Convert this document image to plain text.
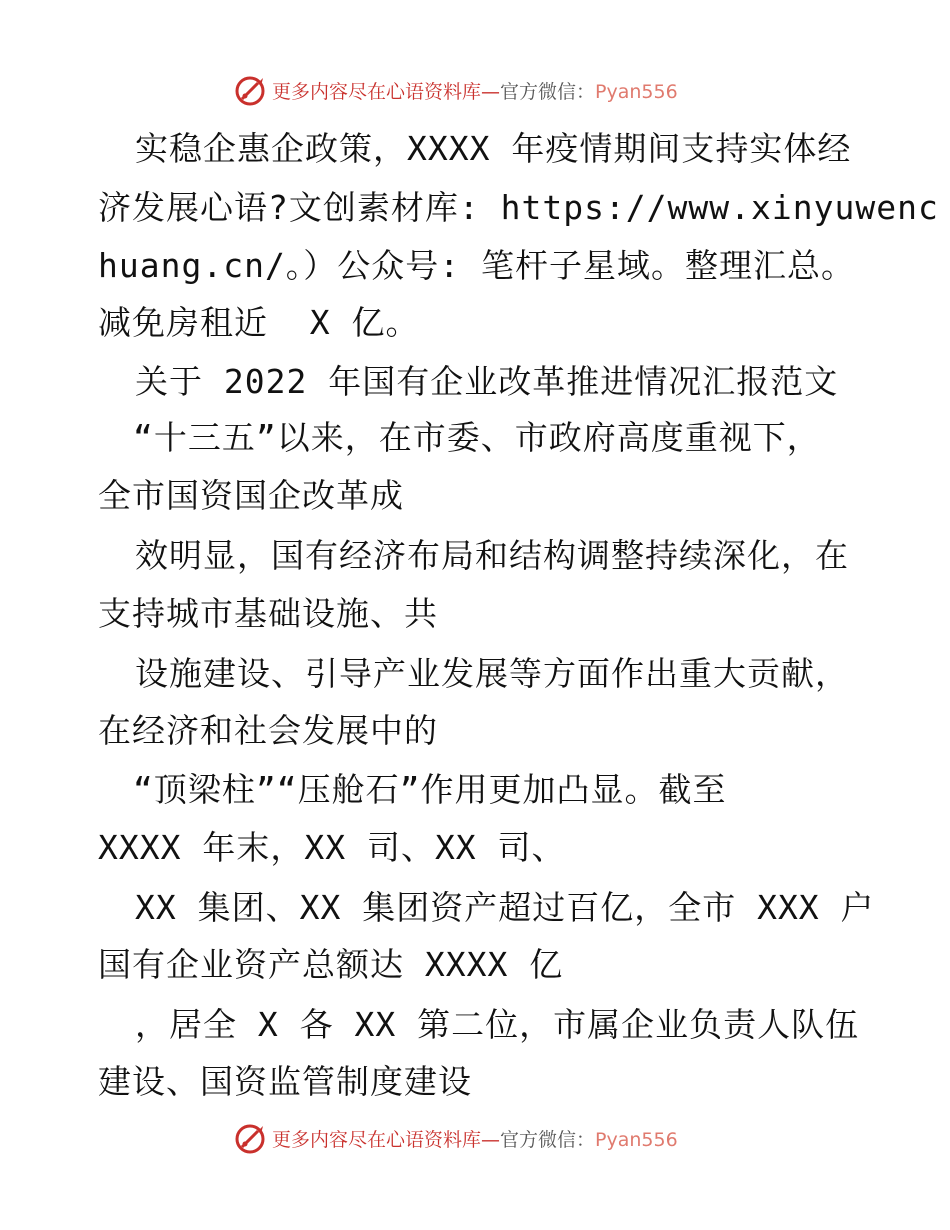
更多内容尽在心语资料库—官方微信：Pyan556
实稳企惠企政策，XXXX 年疫情期间支持实体经
济发展心语?文创素材库: https://www.xinyuwenc
huang.cn/。）公众号: 笔杆子星域。整理汇总。
减免房租近  X 亿。
关于 2022 年国有企业改革推进情况汇报范文
“十三五”以来，在市委、市政府高度重视下，
全市国资国企改革成
效明显，国有经济布局和结构调整持续深化，在
支持城市基础设施、共
设施建设、引导产业发展等方面作出重大贡献，
在经济和社会发展中的
“顶梁柱”“压舱石”作用更加凸显。截至
XXXX 年末，XX 司、XX 司、
XX 集团、XX 集团资产超过百亿，全市 XXX 户
国有企业资产总额达 XXXX 亿
，居全 X 各 XX 第二位，市属企业负责人队伍
建设、国资监管制度建设
更多内容尽在心语资料库—官方微信：Pyan556
